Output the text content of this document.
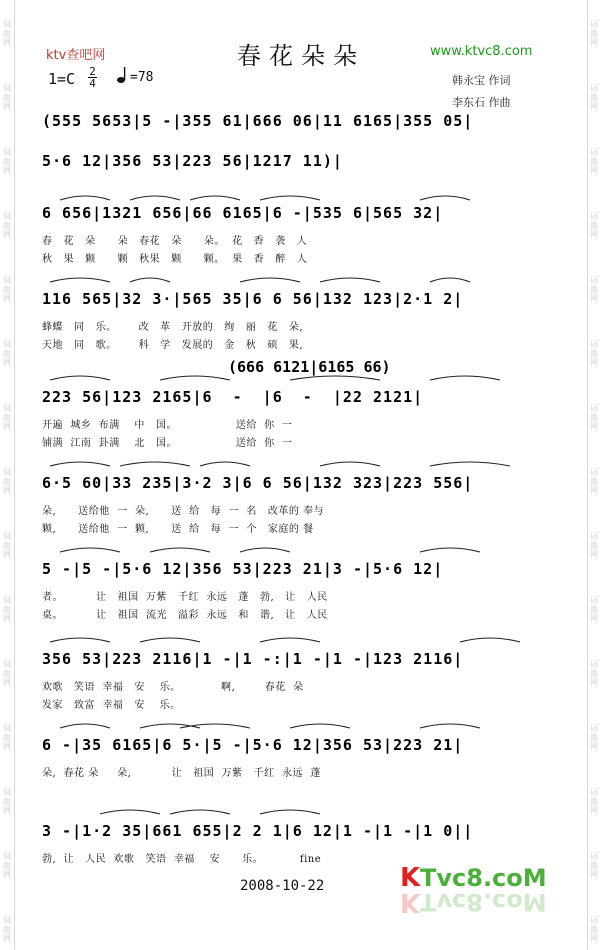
词
曲
网
词
曲
网
词
曲
网
词
曲
网
词
曲
网
词
曲
网
词
曲
网
词
曲
网
词
曲
网
词
曲
网
词
曲
网
词
曲
网
词
曲
网
词
曲
网
词
曲
网
词
曲
网
词
曲
网
词
曲
网
词
曲
网
词
曲
网
词
曲
网
词
曲
网
词
曲
网
词
曲
网
词
曲
网
词
曲
网
词
曲
网
词
曲
网
词
曲
网
词
曲
网
ktv查吧网	春花朵朵	www.ktvc8.com
1=C 2
4	=78	韩永宝 作词
李东石 作曲
(666 6121|6165 66)
(555 5653|5 -|355 61|666 06|11 6165|355 05|
5·6 12|356 53|223 56|1217 11)|
6 656|1321 656|66 6165|6 -|535 6|565 32|
春   花   朵      朵   春花   朵      朵。  花   香   袭   人
秋   果   颗      颗   秋果   颗      颗。  果   香   醉   人
116 565|32 3·|565 35|6 6 56|132 123|2·1 2|
蜂蝶   同   乐。      改   革   开放的   绚   丽   花   朵,
天地   同   歌。      科   学   发展的   金   秋   硕   果,
223 56|123 2165|6  -  |6  -  |22 2121|
开遍  城乡  布满    中   国。                送给  你  一
铺满  江南  卦满    北   国。                送给  你  一
6·5 60|33 235|3·2 3|6 6 56|132 323|223 556|
朵,      送给他  一  朵,      送  给   每  一  名   改革的 奉与
颗,      送给他  一  颗,      送  给   每  一  个   家庭的 餐
5 -|5 -|5·6 12|356 53|223 21|3 -|5·6 12|
者。         让   祖国  万紫   千红  永远   蓬   勃,   让   人民
桌。         让   祖国  流光   溢彩  永远   和   谐,   让   人民
356 53|223 2116|1 -|1 -:|1 -|1 -|123 2116|
欢歌   笑语  幸福   安    乐。           啊,        春花  朵
发家   致富  幸福   安    乐。
6 -|35 6165|6 5·|5 -|5·6 12|356 53|223 21|
朵,  春花 朵     朵,           让   祖国  万紫   千红  永远  蓬
3 -|1·2 35|661 655|2 2 1|6 12|1 -|1 -|1 0||
勃,  让   人民  欢歌   笑语  幸福    安      乐。          fine
2008-10-22	K Tvc8.coM
K Tvc8.coM
